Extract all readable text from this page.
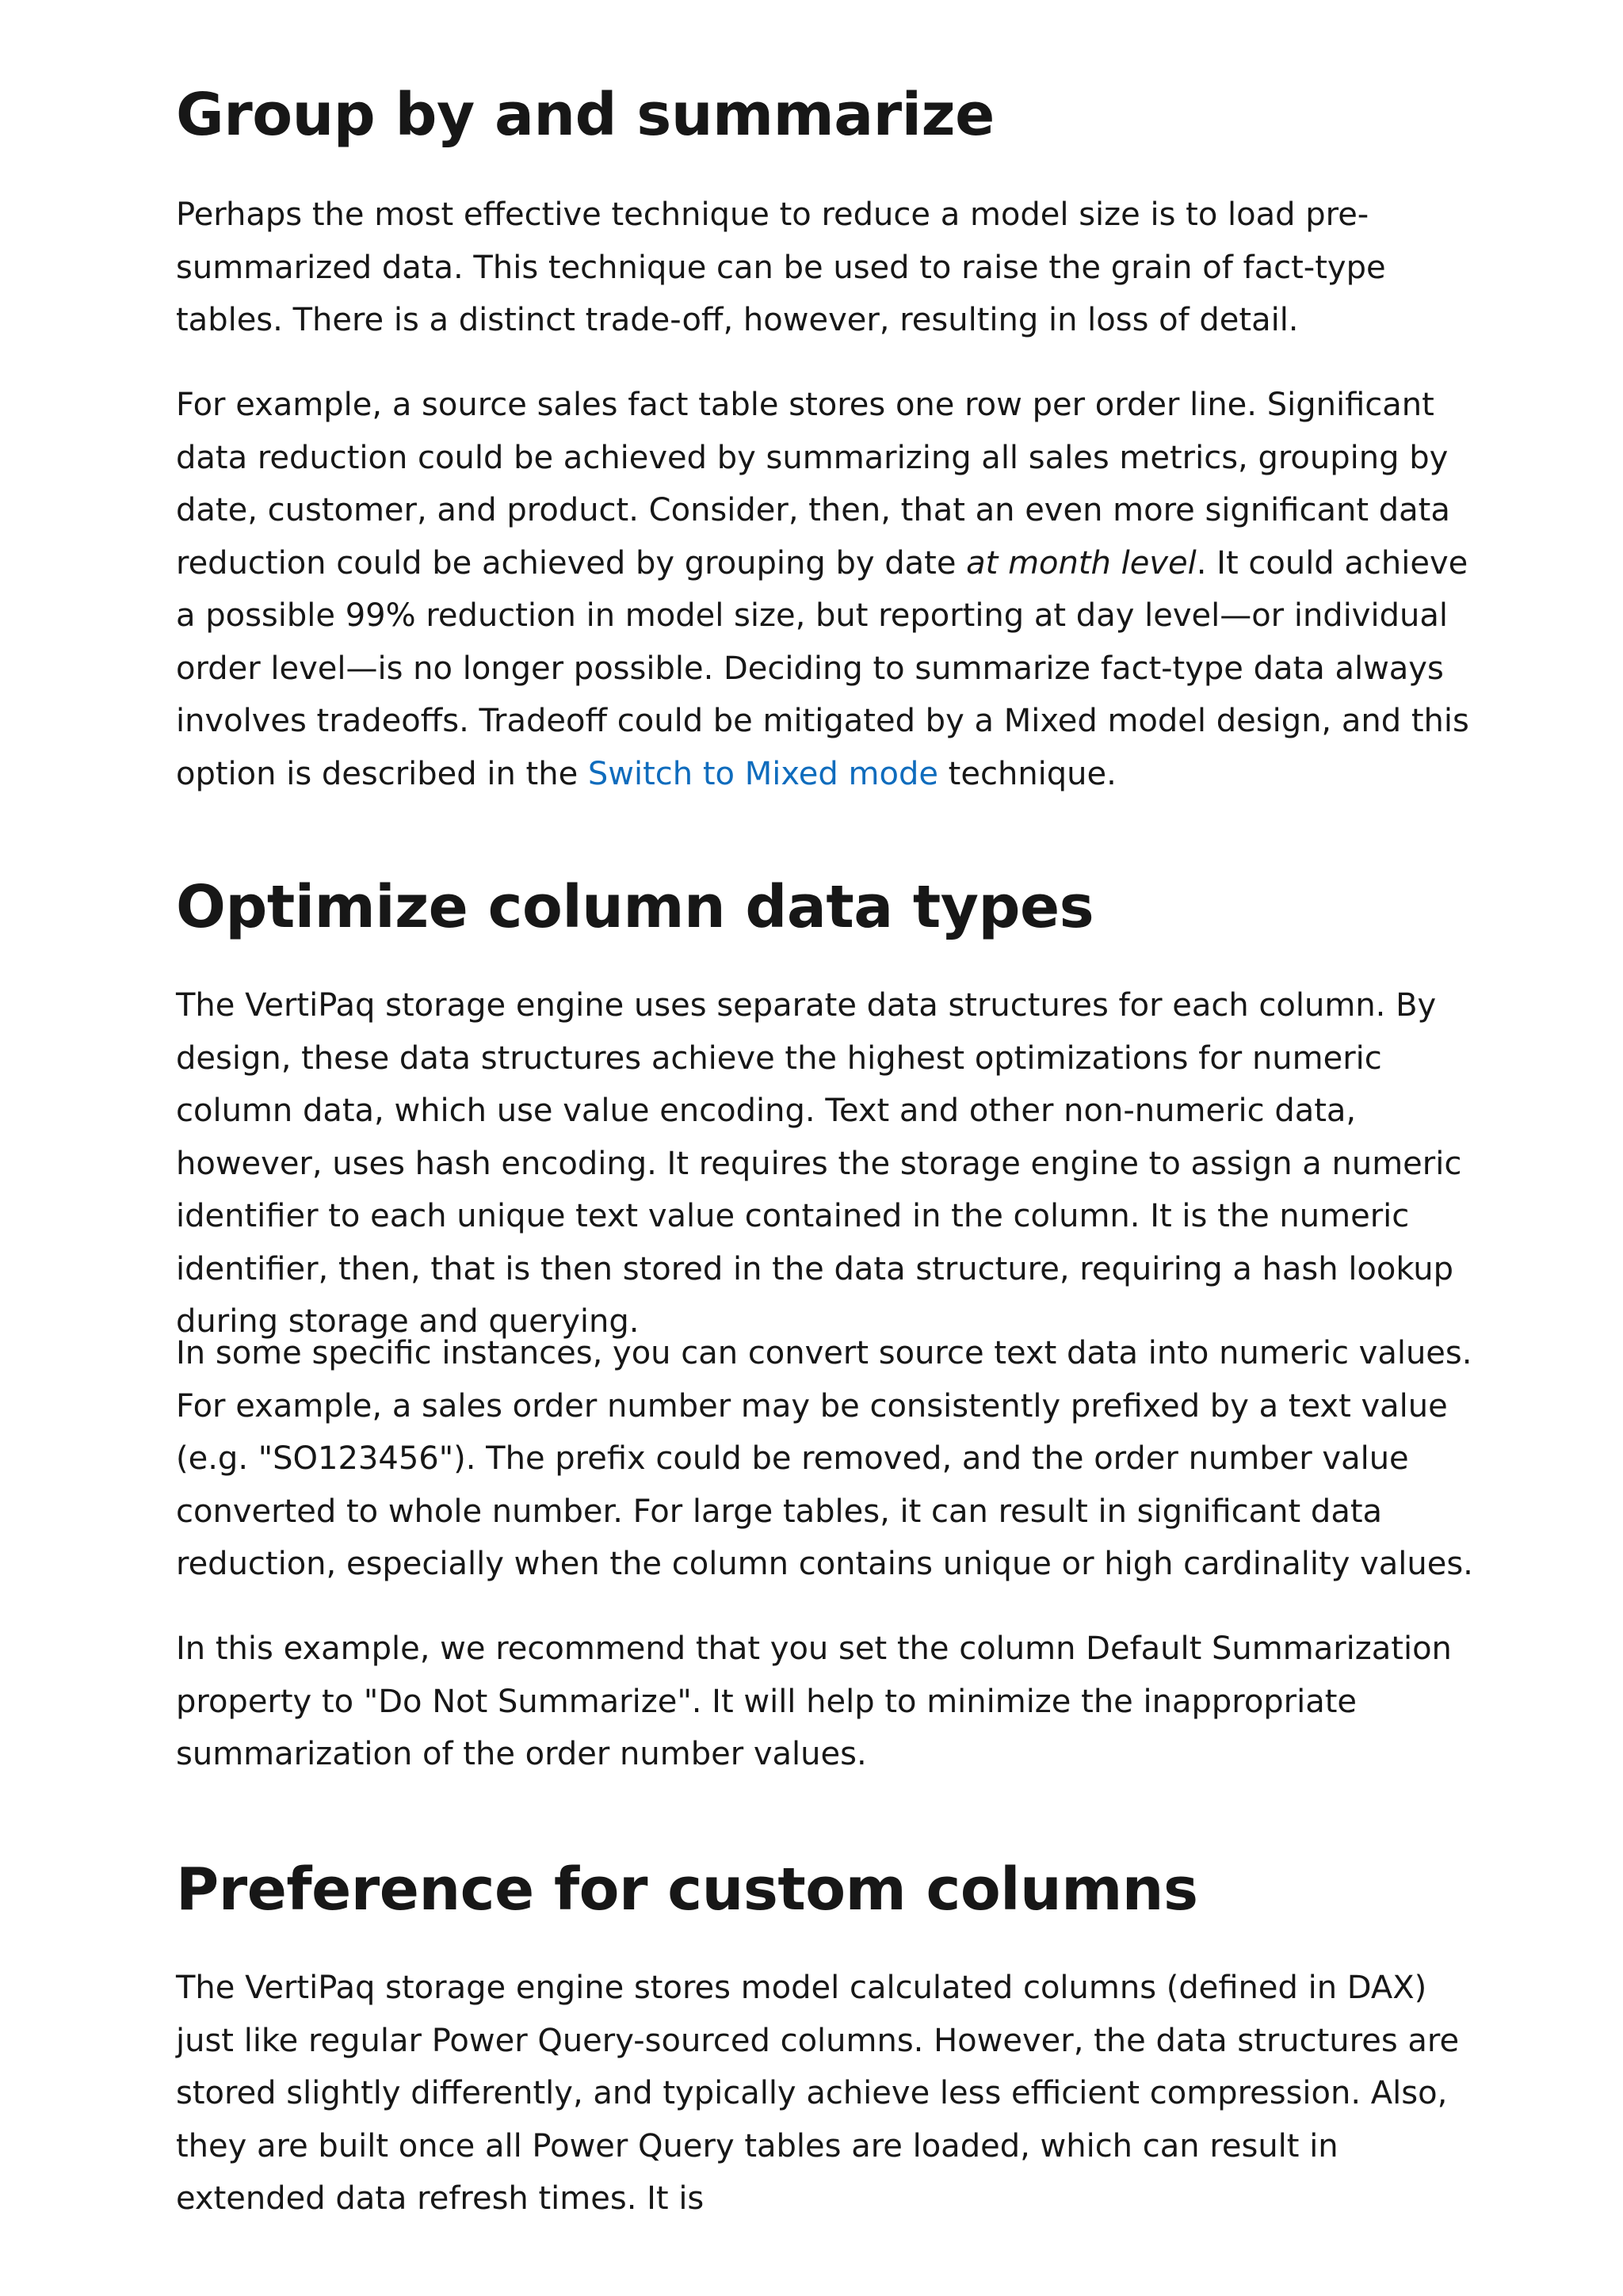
Group by and summarize

Perhaps the most effective technique to reduce a model size is to load pre-summarized data. This technique can be used to raise the grain of fact-type tables. There is a distinct trade-off, however, resulting in loss of detail.

For example, a source sales fact table stores one row per order line. Significant data reduction could be achieved by summarizing all sales metrics, grouping by date, customer, and product. Consider, then, that an even more significant data reduction could be achieved by grouping by date at month level. It could achieve a possible 99% reduction in model size, but reporting at day level—or individual order level—is no longer possible. Deciding to summarize fact-type data always involves tradeoffs. Tradeoff could be mitigated by a Mixed model design, and this option is described in the Switch to Mixed mode technique.

Optimize column data types

The VertiPaq storage engine uses separate data structures for each column. By design, these data structures achieve the highest optimizations for numeric column data, which use value encoding. Text and other non-numeric data, however, uses hash encoding. It requires the storage engine to assign a numeric identifier to each unique text value contained in the column. It is the numeric identifier, then, that is then stored in the data structure, requiring a hash lookup during storage and querying.

In some specific instances, you can convert source text data into numeric values. For example, a sales order number may be consistently prefixed by a text value (e.g. "SO123456"). The prefix could be removed, and the order number value converted to whole number. For large tables, it can result in significant data reduction, especially when the column contains unique or high cardinality values.

In this example, we recommend that you set the column Default Summarization property to "Do Not Summarize". It will help to minimize the inappropriate summarization of the order number values.

Preference for custom columns

The VertiPaq storage engine stores model calculated columns (defined in DAX) just like regular Power Query-sourced columns. However, the data structures are stored slightly differently, and typically achieve less efficient compression. Also, they are built once all Power Query tables are loaded, which can result in extended data refresh times. It is
